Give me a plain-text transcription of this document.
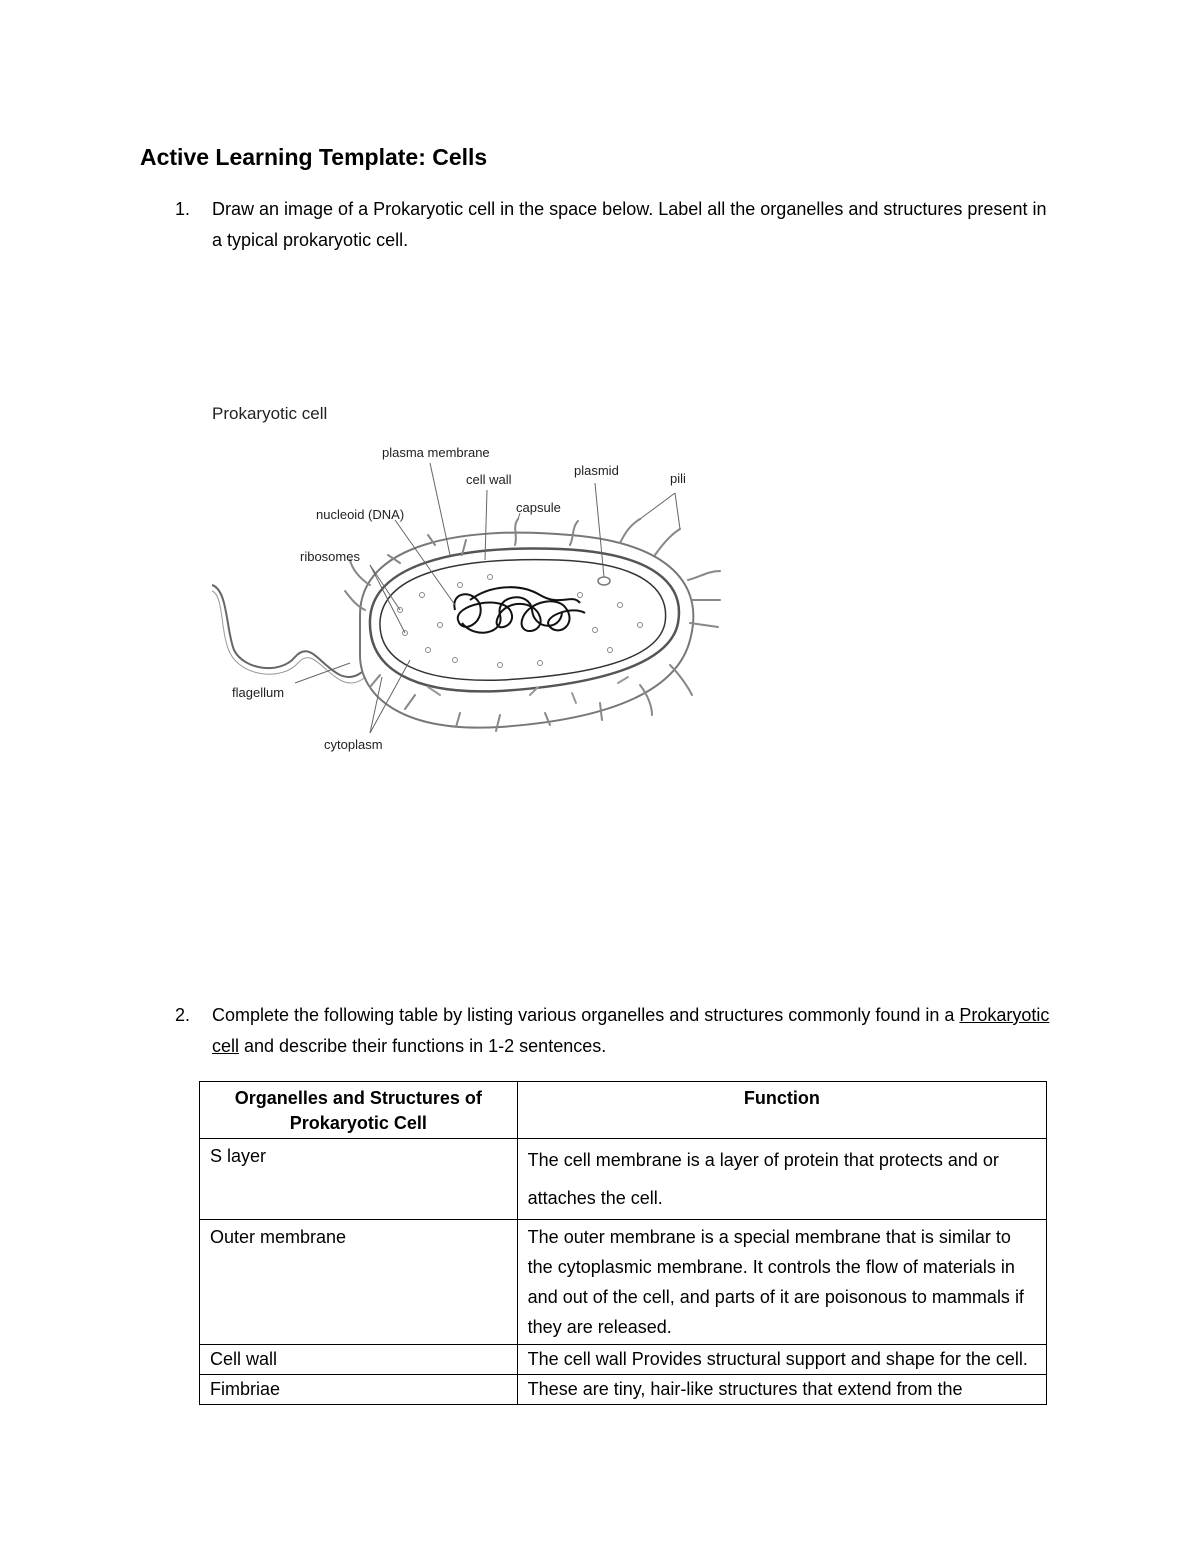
Active Learning Template: Cells
1. Draw an image of a Prokaryotic cell in the space below. Label all the organelles and structures present in a typical prokaryotic cell.
Prokaryotic cell
plasma membrane
cell wall
plasmid
pili
capsule
nucleoid (DNA)
ribosomes
flagellum
cytoplasm
2. Complete the following table by listing various organelles and structures commonly found in a Prokaryotic cell and describe their functions in 1-2 sentences.
Organelles and Structures of Prokaryotic Cell	Function
S layer	The cell membrane is a layer of protein that protects and or attaches the cell.
Outer membrane	The outer membrane is a special membrane that is similar to the cytoplasmic membrane. It controls the flow of materials in and out of the cell, and parts of it are poisonous to mammals if they are released.
Cell wall	The cell wall Provides structural support and shape for the cell.
Fimbriae	These are tiny, hair-like structures that extend from the
